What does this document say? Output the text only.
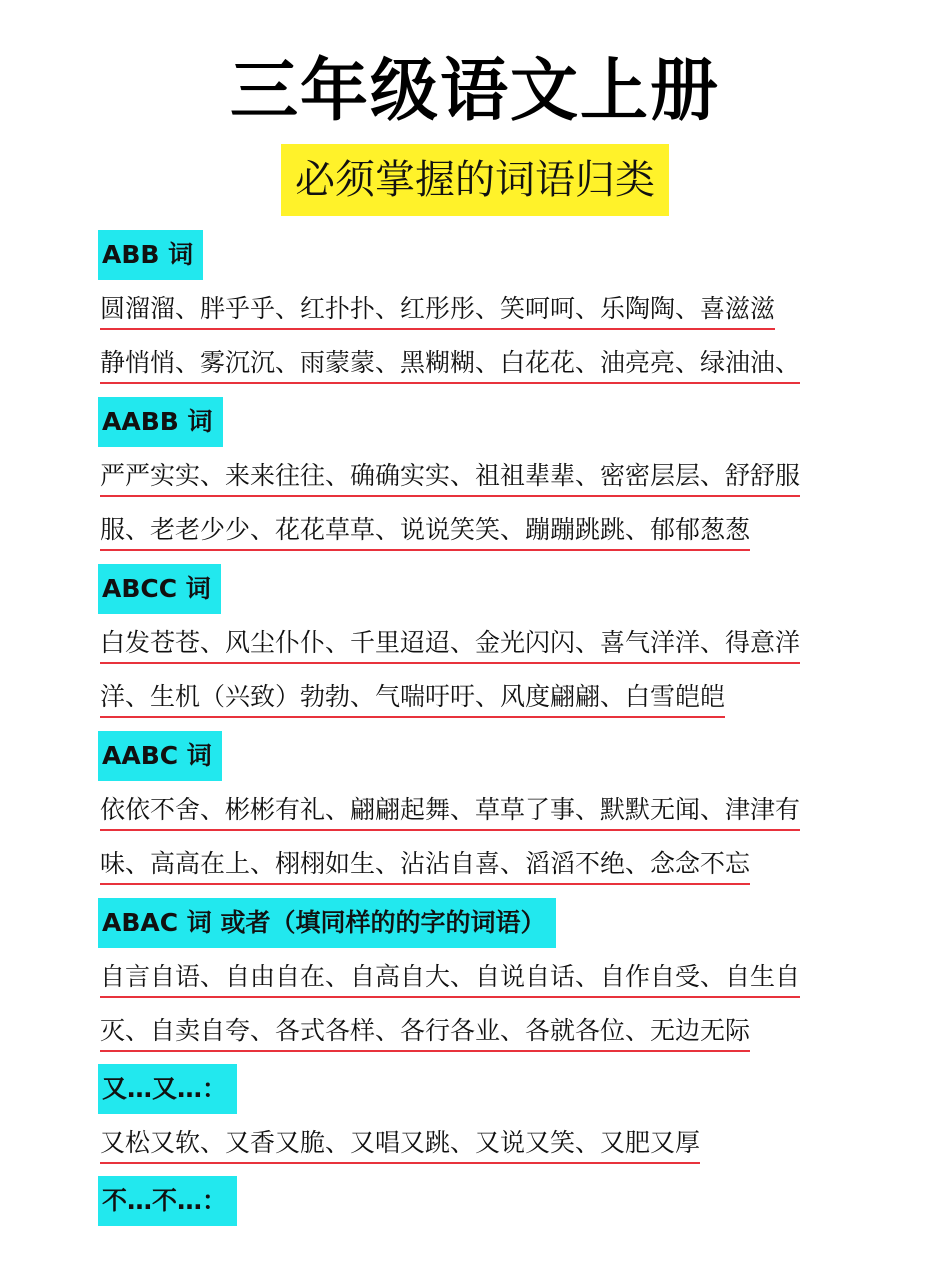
三年级语文上册
必须掌握的词语归类
ABB 词
圆溜溜、胖乎乎、红扑扑、红彤彤、笑呵呵、乐陶陶、喜滋滋
静悄悄、雾沉沉、雨蒙蒙、黑糊糊、白花花、油亮亮、绿油油、
AABB 词
严严实实、来来往往、确确实实、祖祖辈辈、密密层层、舒舒服
服、老老少少、花花草草、说说笑笑、蹦蹦跳跳、郁郁葱葱
ABCC 词
白发苍苍、风尘仆仆、千里迢迢、金光闪闪、喜气洋洋、得意洋
洋、生机（兴致）勃勃、气喘吁吁、风度翩翩、白雪皑皑
AABC 词
依依不舍、彬彬有礼、翩翩起舞、草草了事、默默无闻、津津有
味、高高在上、栩栩如生、沾沾自喜、滔滔不绝、念念不忘
ABAC 词 或者（填同样的的字的词语）
自言自语、自由自在、自高自大、自说自话、自作自受、自生自
灭、自卖自夸、各式各样、各行各业、各就各位、无边无际
又…又…：
又松又软、又香又脆、又唱又跳、又说又笑、又肥又厚
不…不…：
